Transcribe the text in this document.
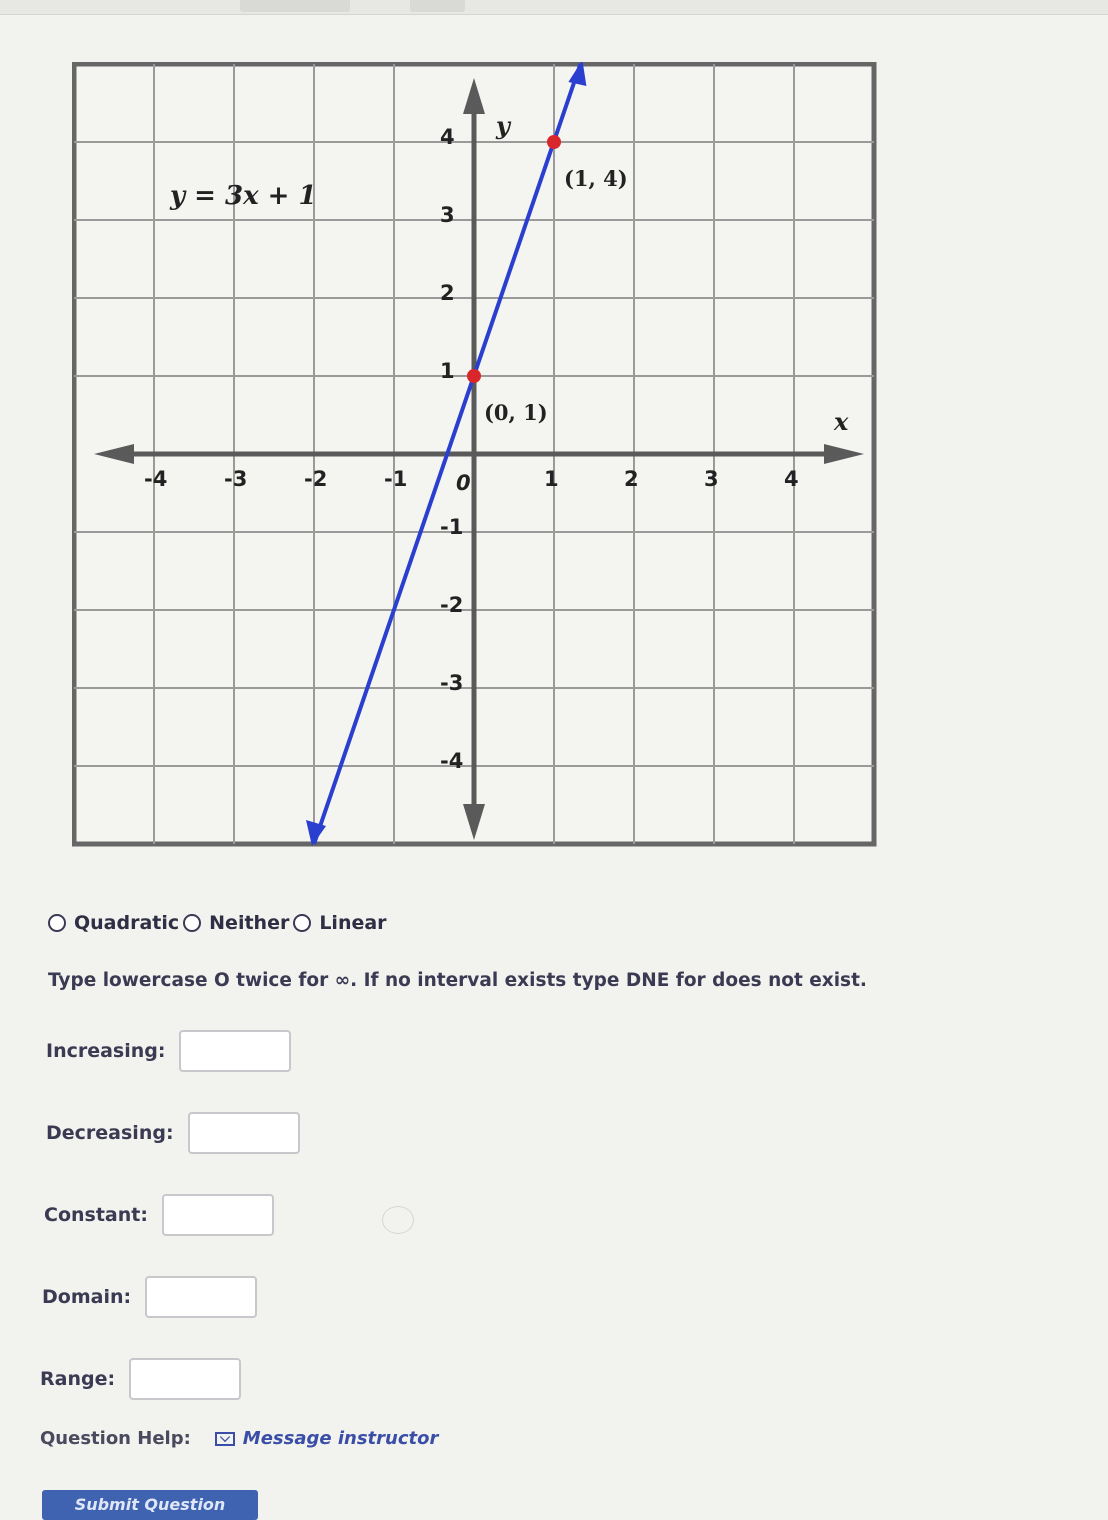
-4	-3	-2	-1	1	2	3	4
4
3
2
1
-1
-2
-3
-4
(1, 4)
(0, 1)
y = 3x + 1
y
x
0
Quadratic Neither Linear
Type lowercase O twice for ∞. If no interval exists type DNE for does not exist.
Increasing:
Decreasing:
Constant:
Domain:
Range:
Question Help:	Message instructor
Submit Question
